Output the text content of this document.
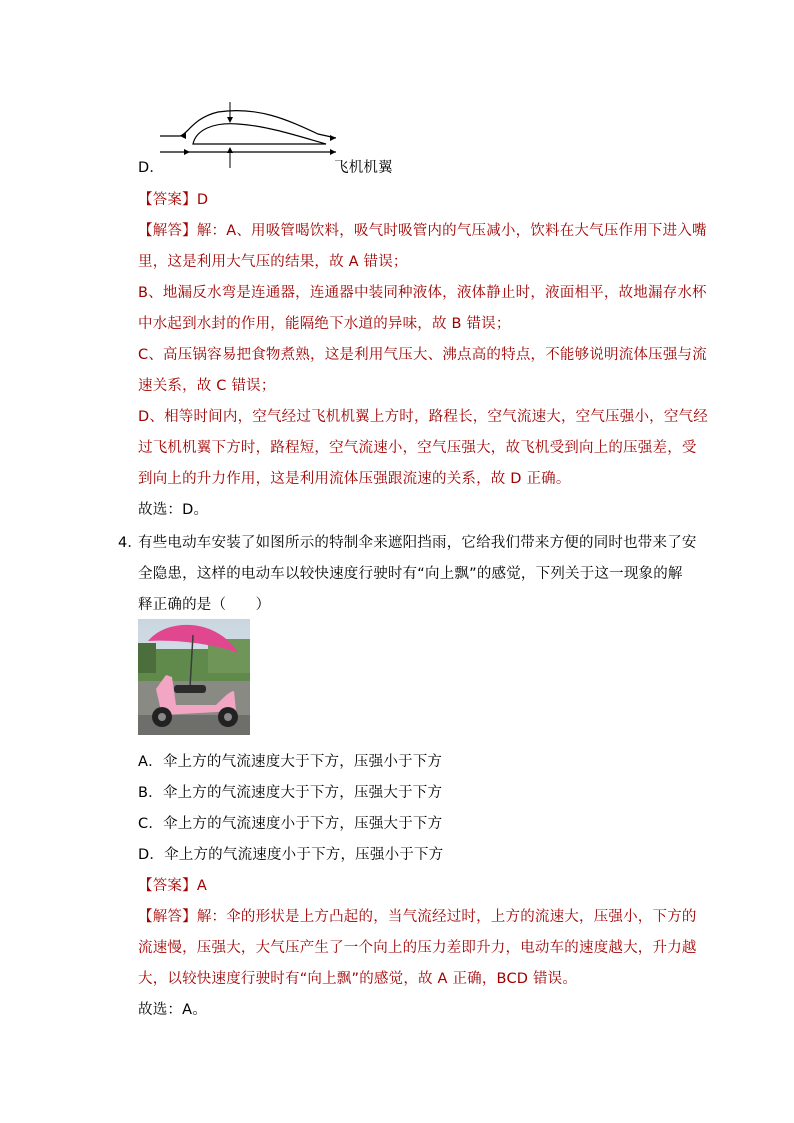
D．	飞机机翼
【答案】D
【解答】解：A、用吸管喝饮料，吸气时吸管内的气压减小，饮料在大气压作用下进入嘴
里，这是利用大气压的结果，故 A 错误；
B、地漏反水弯是连通器，连通器中装同种液体，液体静止时，液面相平，故地漏存水杯
中水起到水封的作用，能隔绝下水道的异味，故 B 错误；
C、高压锅容易把食物煮熟，这是利用气压大、沸点高的特点，不能够说明流体压强与流
速关系，故 C 错误；
D、相等时间内，空气经过飞机机翼上方时，路程长，空气流速大，空气压强小，空气经
过飞机机翼下方时，路程短，空气流速小，空气压强大，故飞机受到向上的压强差，受
到向上的升力作用，这是利用流体压强跟流速的关系，故 D 正确。
故选：D。
4．
有些电动车安装了如图所示的特制伞来遮阳挡雨，它给我们带来方便的同时也带来了安
全隐患，这样的电动车以较快速度行驶时有“向上飘”的感觉，下列关于这一现象的解
释正确的是（　　）
A．伞上方的气流速度大于下方，压强小于下方
B．伞上方的气流速度大于下方，压强大于下方
C．伞上方的气流速度小于下方，压强大于下方
D．伞上方的气流速度小于下方，压强小于下方
【答案】A
【解答】解：伞的形状是上方凸起的，当气流经过时，上方的流速大，压强小，下方的
流速慢，压强大，大气压产生了一个向上的压力差即升力，电动车的速度越大，升力越
大，以较快速度行驶时有“向上飘”的感觉，故 A 正确，BCD 错误。
故选：A。
